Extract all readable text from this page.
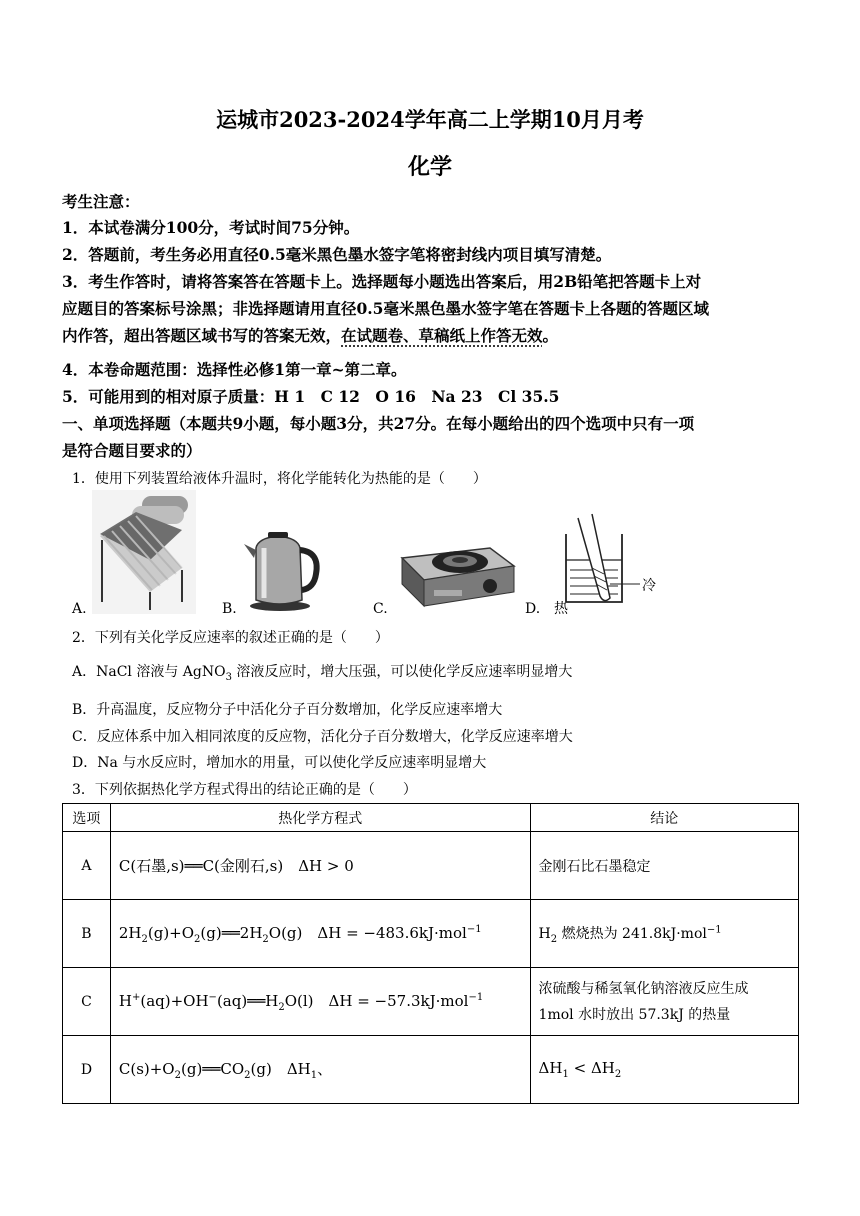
运城市2023-2024学年高二上学期10月月考
化学
考生注意：
1．本试卷满分100分，考试时间75分钟。
2．答题前，考生务必用直径0.5毫米黑色墨水签字笔将密封线内项目填写清楚。
3．考生作答时，请将答案答在答题卡上。选择题每小题选出答案后，用2B铅笔把答题卡上对
应题目的答案标号涂黑；非选择题请用直径0.5毫米黑色墨水签字笔在答题卡上各题的答题区域
内作答，超出答题区域书写的答案无效，在试题卷、草稿纸上作答无效。
4．本卷命题范围：选择性必修1第一章~第二章。
5．可能用到的相对原子质量：H 1　C 12　O 16　Na 23　Cl 35.5
一、单项选择题（本题共9小题，每小题3分，共27分。在每小题给出的四个选项中只有一项
是符合题目要求的）
1．使用下列装置给液体升温时，将化学能转化为热能的是（　　）
A.	B.	C.	D. 热
冷
2．下列有关化学反应速率的叙述正确的是（　　）
A．NaCl 溶液与 AgNO$_3$ 溶液反应时，增大压强，可以使化学反应速率明显增大
B．升高温度，反应物分子中活化分子百分数增加，化学反应速率增大
C．反应体系中加入相同浓度的反应物，活化分子百分数增大，化学反应速率增大
D．Na 与水反应时，增加水的用量，可以使化学反应速率明显增大
3．下列依据热化学方程式得出的结论正确的是（　　）
选项	热化学方程式	结论
A	C(石墨,s)══C(金刚石,s)　ΔH > 0	金刚石比石墨稳定
B	$2H_2(g)+O_2(g)══2H_2O(g)$　ΔH = −483.6kJ·mol$^{-1}$	$H_2$ 燃烧热为 241.8kJ·mol$^{-1}$
C	$H^+(aq)+OH^-(aq)══H_2O(l)$　ΔH = −57.3kJ·mol$^{-1}$	浓硫酸与稀氢氧化钠溶液反应生成
1mol 水时放出 57.3kJ 的热量

D	$C(s)+O_2(g)══CO_2(g)$　$\Delta H_1$、	$\Delta H_1 < \Delta H_2$
